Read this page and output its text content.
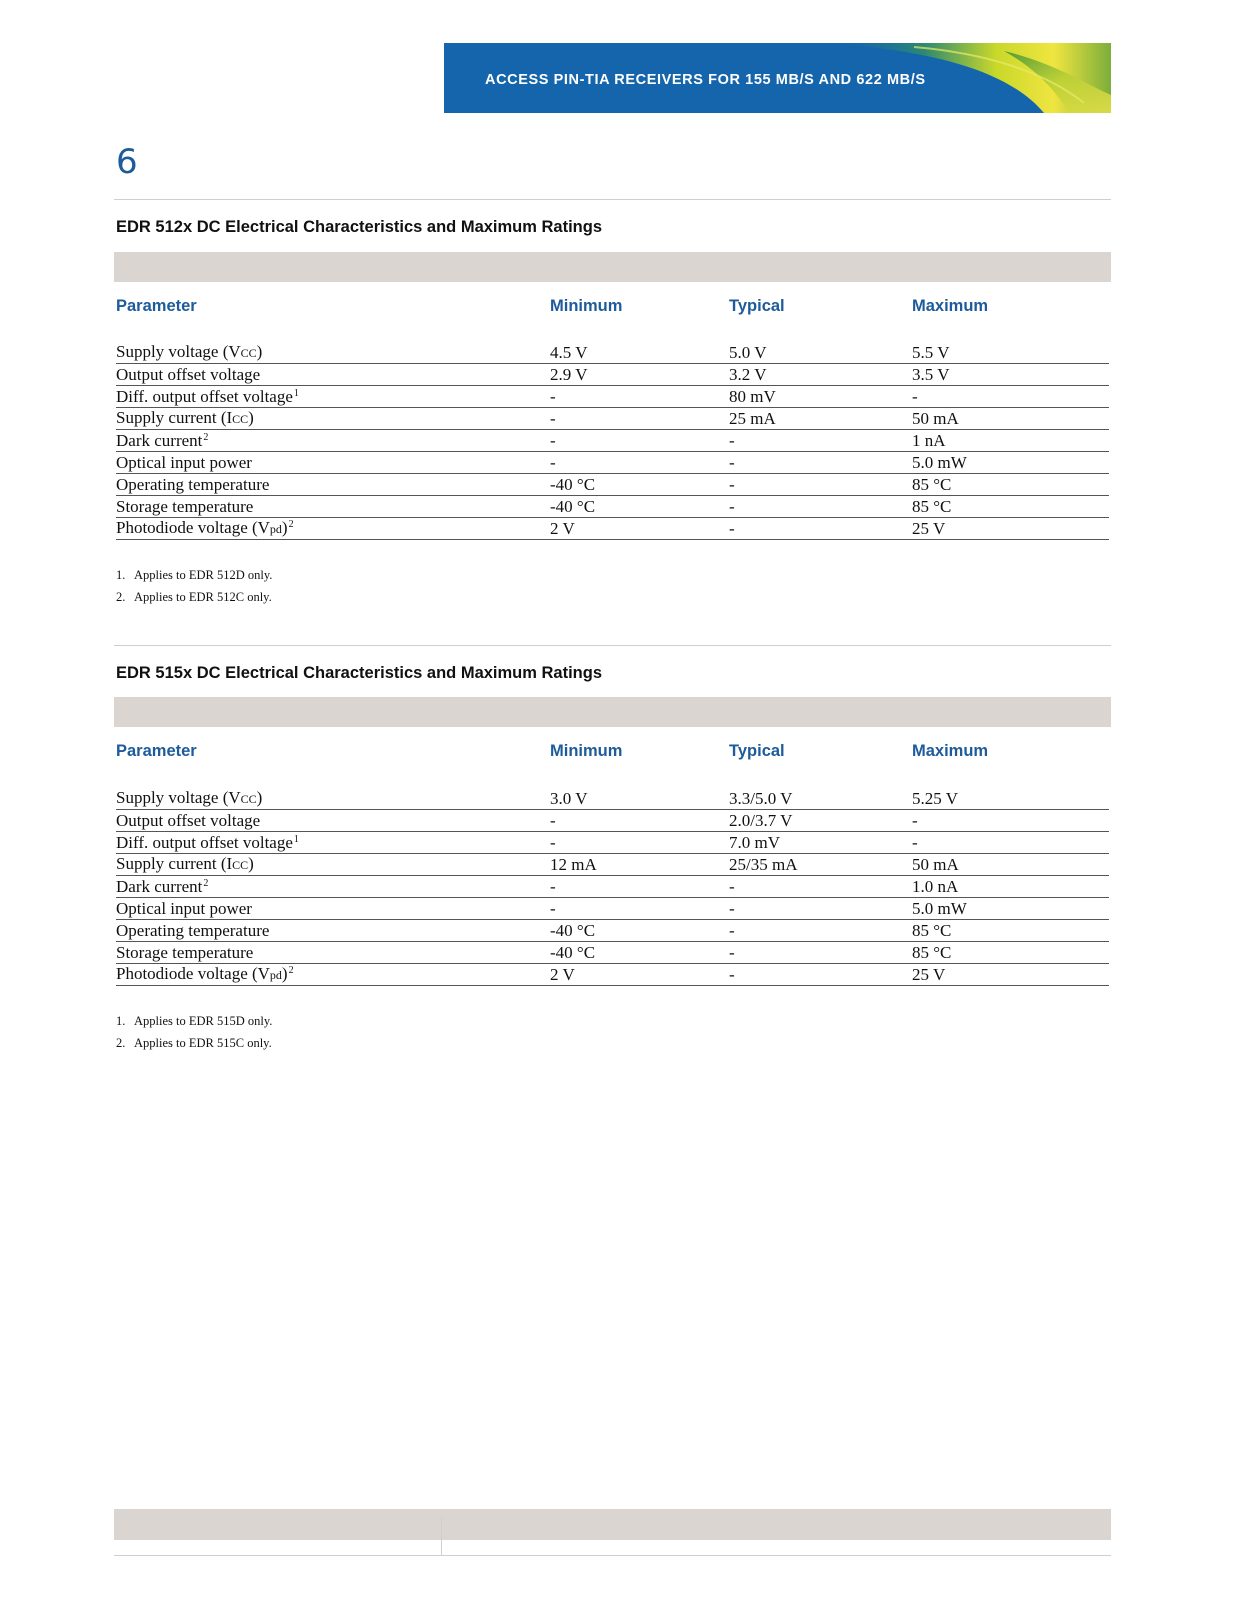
ACCESS PIN-TIA RECEIVERS FOR 155 MB/S AND 622 MB/S
6
EDR 512x DC Electrical Characteristics and Maximum Ratings
Parameter	Minimum	Typical	Maximum
Supply voltage (VCC)	4.5 V	5.0 V	5.5 V
Output offset voltage	2.9 V	3.2 V	3.5 V
Diff. output offset voltage$^1$	-	80 mV	-
Supply current (ICC)	-	25 mA	50 mA
Dark current$^2$	-	-	1 nA
Optical input power	-	-	5.0 mW
Operating temperature	-40 °C	-	85 °C
Storage temperature	-40 °C	-	85 °C
Photodiode voltage (Vpd)$^2$	2 V	-	25 V
1. Applies to EDR 512D only.
2. Applies to EDR 512C only.
EDR 515x DC Electrical Characteristics and Maximum Ratings
Parameter	Minimum	Typical	Maximum
Supply voltage (VCC)	3.0 V	3.3/5.0 V	5.25 V
Output offset voltage	-	2.0/3.7 V	-
Diff. output offset voltage$^1$	-	7.0 mV	-
Supply current (ICC)	12 mA	25/35 mA	50 mA
Dark current$^2$	-	-	1.0 nA
Optical input power	-	-	5.0 mW
Operating temperature	-40 °C	-	85 °C
Storage temperature	-40 °C	-	85 °C
Photodiode voltage (Vpd)$^2$	2 V	-	25 V
1. Applies to EDR 515D only.
2. Applies to EDR 515C only.
